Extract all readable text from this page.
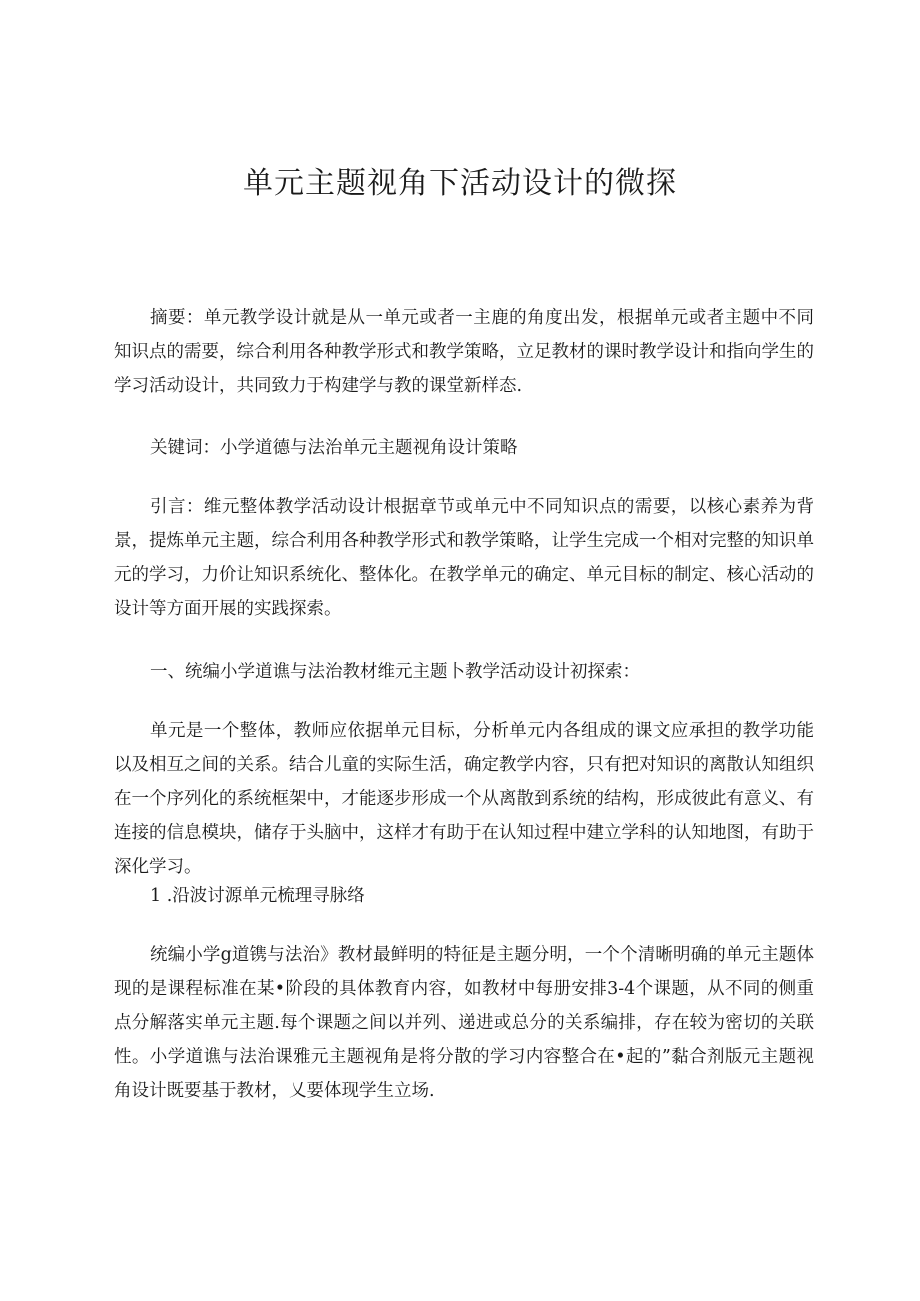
单元主题视角下活动设计的微探

摘要：单元教学设计就是从一单元或者一主鹿的角度出发，根据单元或者主题中不同知识点的需要，综合利用各种教学形式和教学策略，立足教材的课时教学设计和指向学生的学习活动设计，共同致力于构建学与教的课堂新样态.

关键词：小学道德与法治单元主题视角设计策略

引言：维元整体教学活动设计根据章节或单元中不同知识点的需要，以核心素养为背景，提炼单元主题，综合利用各种教学形式和教学策略，让学生完成一个相对完整的知识单元的学习，力价让知识系统化、整体化。在教学单元的确定、单元目标的制定、核心活动的设计等方面开展的实践探索。

一、统编小学道谯与法治教材维元主题卜教学活动设计初探索：

单元是一个整体，教师应依据单元目标，分析单元内各组成的课文应承担的教学功能以及相互之间的关系。结合儿童的实际生活，确定教学内容，只有把对知识的离散认知组织在一个序列化的系统框架中，才能逐步形成一个从离散到系统的结构，形成彼此有意义、有连接的信息模块，储存于头脑中，这样才有助于在认知过程中建立学科的认知地图，有助于深化学习。

1 .沿波讨源单元梳理寻脉络

统编小学g道镌与法治》教材最鲜明的特征是主题分明，一个个清晰明确的单元主题体现的是课程标准在某•阶段的具体教育内容，如教材中每册安排3-4个课题，从不同的侧重点分解落实单元主题.每个课题之间以并列、递进或总分的关系编排，存在较为密切的关联性。小学道谯与法治课雅元主题视角是将分散的学习内容整合在•起的”黏合剂版元主题视角设计既要基于教材，乂要体现学生立场.
